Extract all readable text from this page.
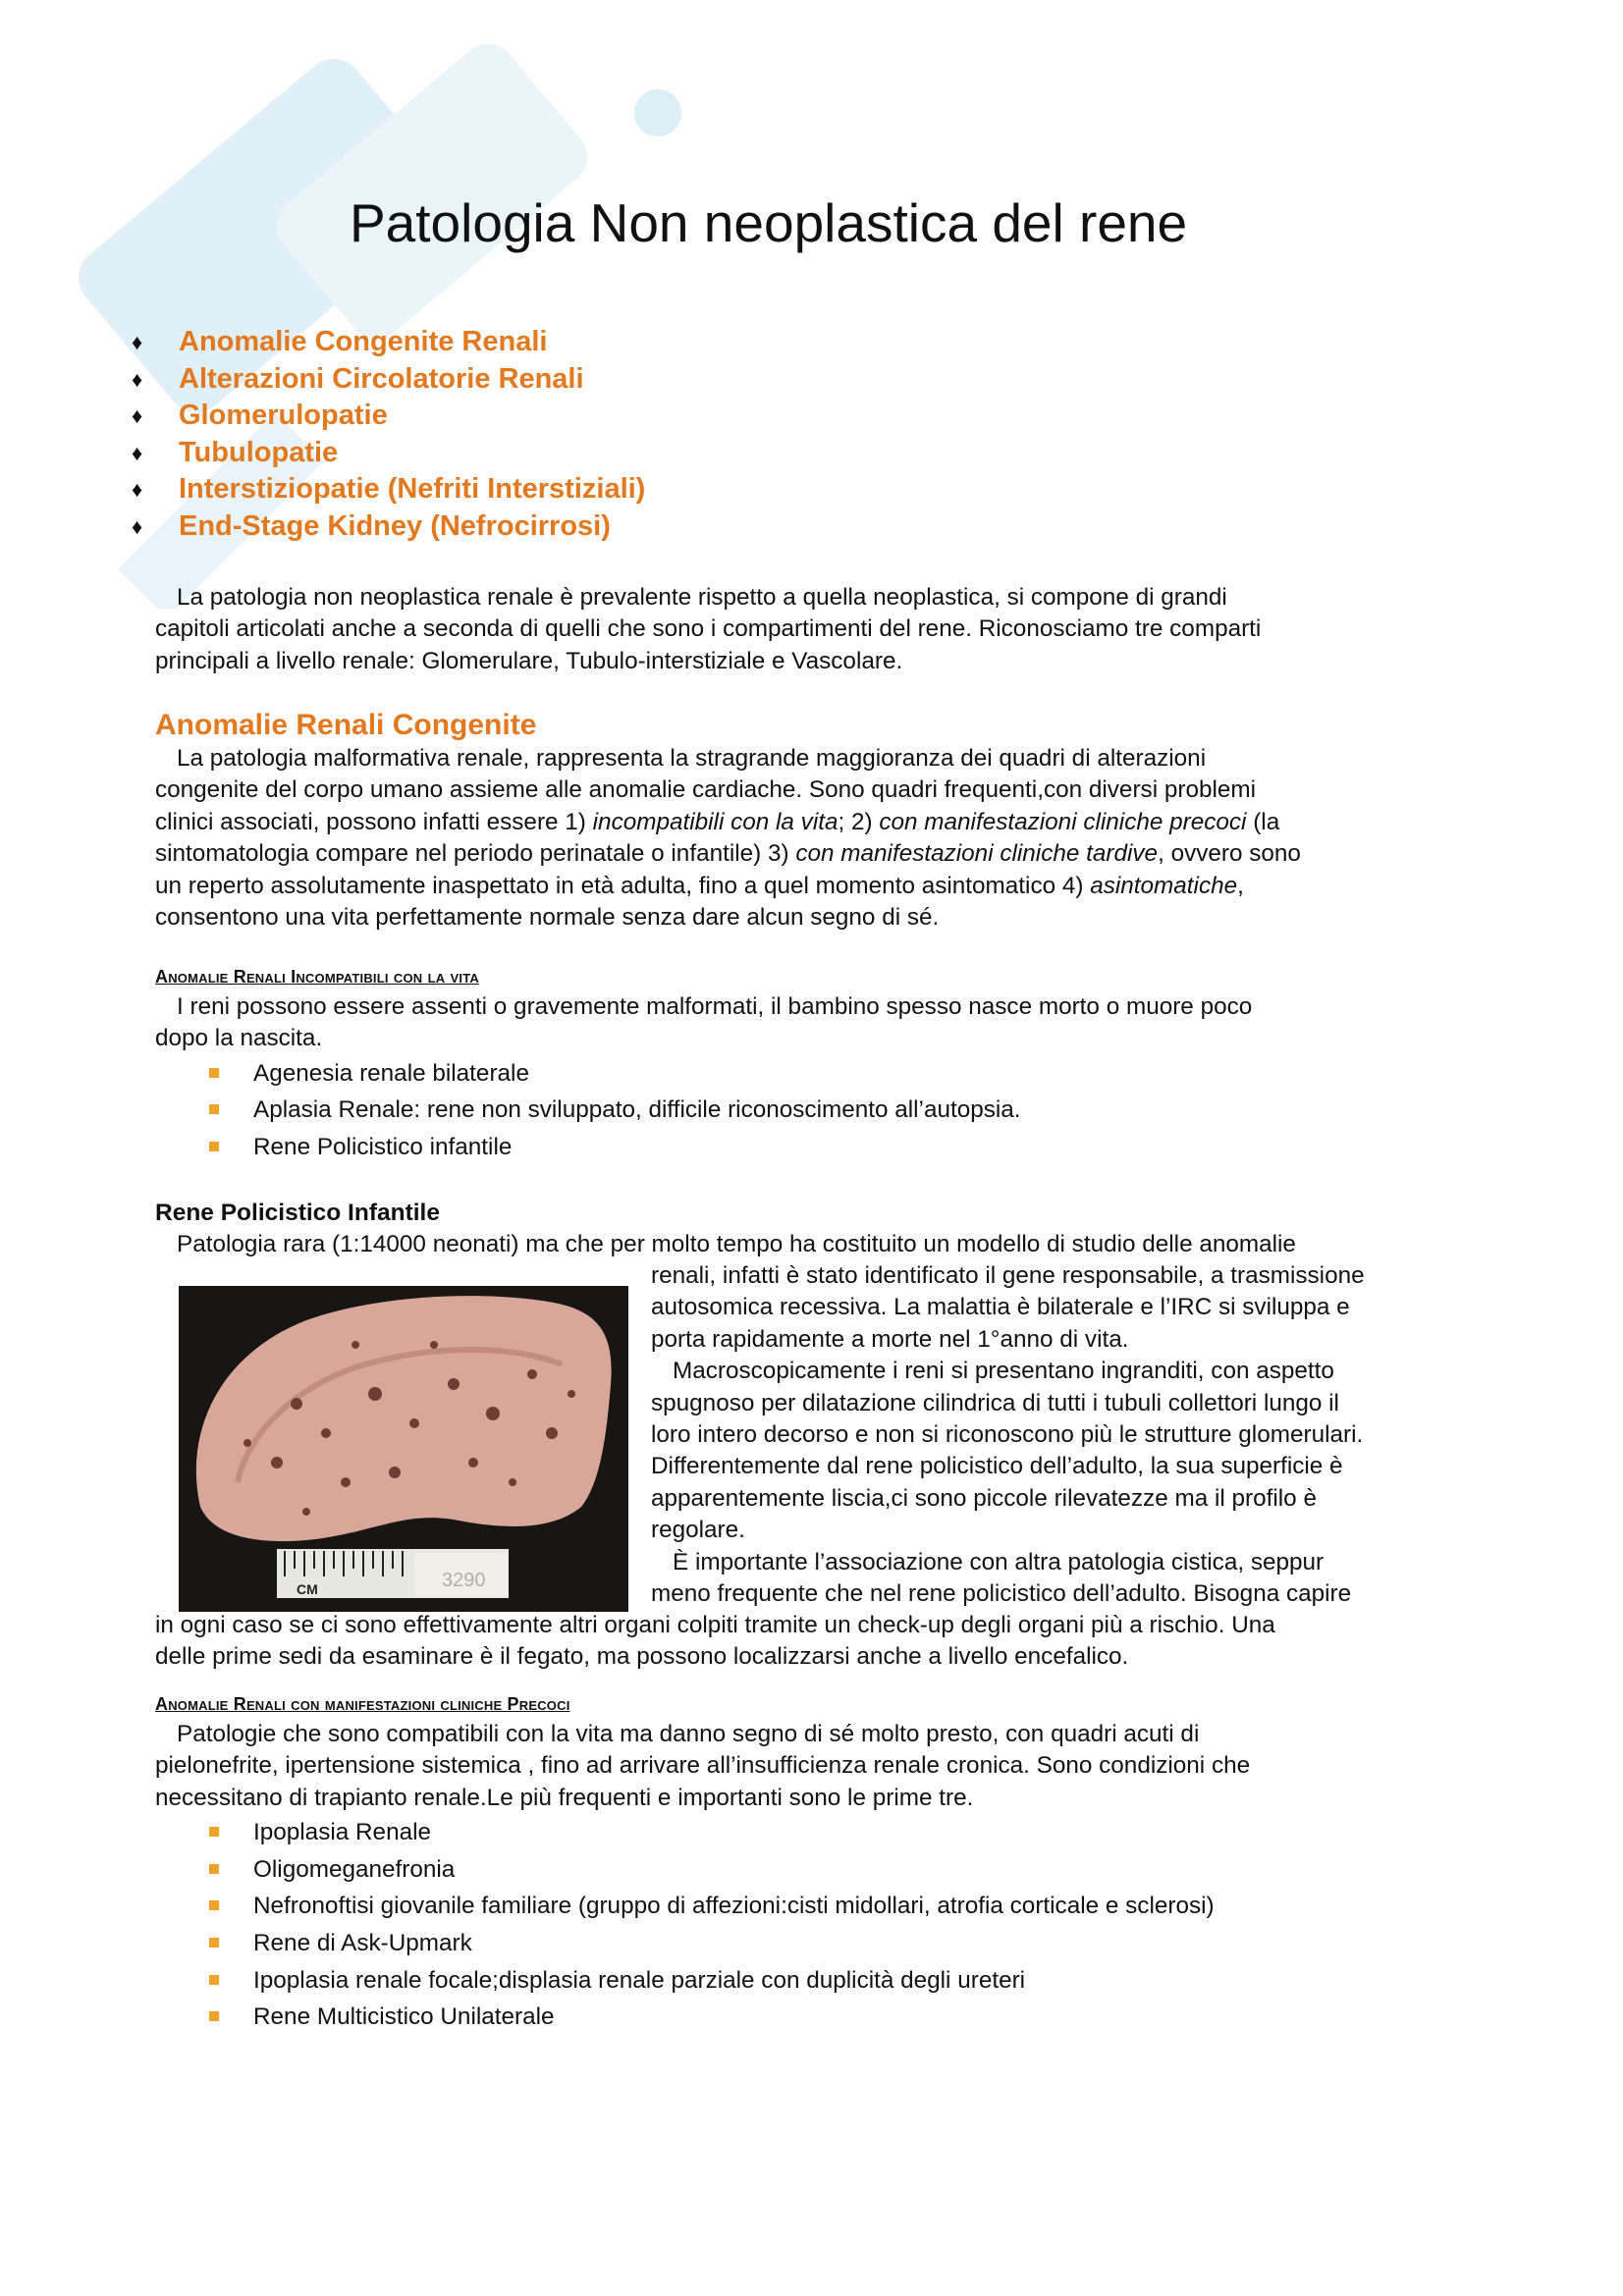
Patologia Non neoplastica del rene
♦ Anomalie Congenite Renali
♦ Alterazioni Circolatorie Renali
♦ Glomerulopatie
♦ Tubulopatie
♦ Interstiziopatie (Nefriti Interstiziali)
♦ End-Stage Kidney (Nefrocirrosi)

La patologia non neoplastica renale è prevalente rispetto a quella neoplastica, si compone di grandi

capitoli articolati anche a seconda di quelli che sono i compartimenti del rene. Riconosciamo tre comparti

principali a livello renale: Glomerulare, Tubulo-interstiziale e Vascolare.

Anomalie Renali Congenite

La patologia malformativa renale, rappresenta la stragrande maggioranza dei quadri di alterazioni

congenite del corpo umano assieme alle anomalie cardiache. Sono quadri frequenti,con diversi problemi

clinici associati, possono infatti essere 1) incompatibili con la vita; 2) con manifestazioni cliniche precoci (la

sintomatologia compare nel periodo perinatale o infantile) 3) con manifestazioni cliniche tardive, ovvero sono

un reperto assolutamente inaspettato in età adulta, fino a quel momento asintomatico 4) asintomatiche,

consentono una vita perfettamente normale senza dare alcun segno di sé.

Anomalie Renali Incompatibili con la vita

I reni possono essere assenti o gravemente malformati, il bambino spesso nasce morto o muore poco

dopo la nascita.

Agenesia renale bilaterale
Aplasia Renale: rene non sviluppato, difficile riconoscimento all’autopsia.
Rene Policistico infantile
Rene Policistico Infantile

Patologia rara (1:14000 neonati) ma che per molto tempo ha costituito un modello di studio delle anomalie

renali, infatti è stato identificato il gene responsabile, a trasmissione

autosomica recessiva. La malattia è bilaterale e l’IRC si sviluppa e

porta rapidamente a morte nel 1°anno di vita.

Macroscopicamente i reni si presentano ingranditi, con aspetto

spugnoso per dilatazione cilindrica di tutti i tubuli collettori lungo il

loro intero decorso e non si riconoscono più le strutture glomerulari.

Differentemente dal rene policistico dell’adulto, la sua superficie è

apparentemente liscia,ci sono piccole rilevatezze ma il profilo è

regolare.

È importante l’associazione con altra patologia cistica, seppur

meno frequente che nel rene policistico dell’adulto. Bisogna capire

in ogni caso se ci sono effettivamente altri organi colpiti tramite un check-up degli organi più a rischio. Una

delle prime sedi da esaminare è il fegato, ma possono localizzarsi anche a livello encefalico.

CM	3290
Anomalie Renali con manifestazioni cliniche Precoci

Patologie che sono compatibili con la vita ma danno segno di sé molto presto, con quadri acuti di

pielonefrite, ipertensione sistemica , fino ad arrivare all’insufficienza renale cronica. Sono condizioni che

necessitano di trapianto renale.Le più frequenti e importanti sono le prime tre.

Ipoplasia Renale
Oligomeganefronia
Nefronoftisi giovanile familiare (gruppo di affezioni:cisti midollari, atrofia corticale e sclerosi)
Rene di Ask-Upmark
Ipoplasia renale focale;displasia renale parziale con duplicità degli ureteri
Rene Multicistico Unilaterale
